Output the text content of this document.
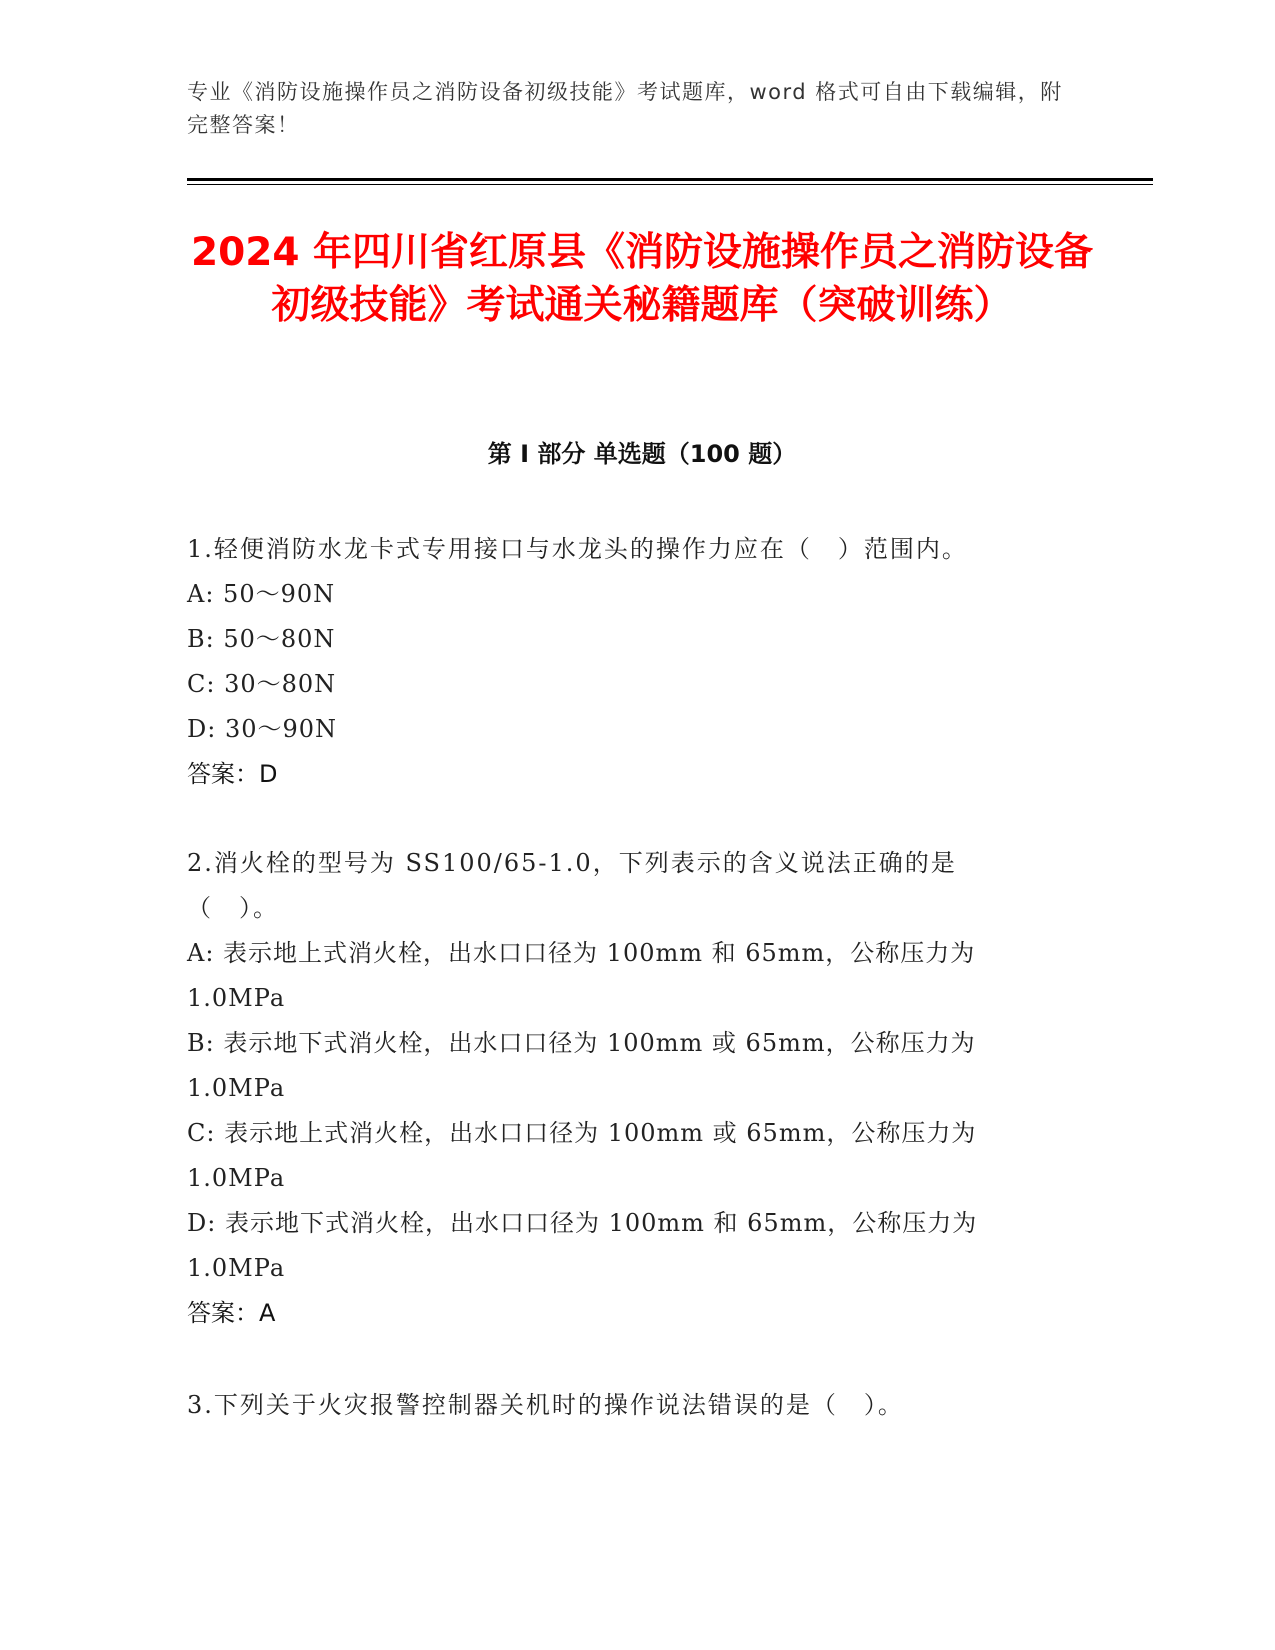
专业《消防设施操作员之消防设备初级技能》考试题库，word 格式可自由下载编辑，附完整答案！
2024 年四川省红原县《消防设施操作员之消防设备初级技能》考试通关秘籍题库（突破训练）
第 I 部分 单选题（100 题）
1.轻便消防水龙卡式专用接口与水龙头的操作力应在（　）范围内。
A: 50～90N
B: 50～80N
C: 30～80N
D: 30～90N
答案：D
2.消火栓的型号为 SS100/65-1.0，下列表示的含义说法正确的是（　）。
A: 表示地上式消火栓，出水口口径为 100mm 和 65mm，公称压力为 1.0MPa
B: 表示地下式消火栓，出水口口径为 100mm 或 65mm，公称压力为 1.0MPa
C: 表示地上式消火栓，出水口口径为 100mm 或 65mm，公称压力为 1.0MPa
D: 表示地下式消火栓，出水口口径为 100mm 和 65mm，公称压力为 1.0MPa
答案：A
3.下列关于火灾报警控制器关机时的操作说法错误的是（　）。
